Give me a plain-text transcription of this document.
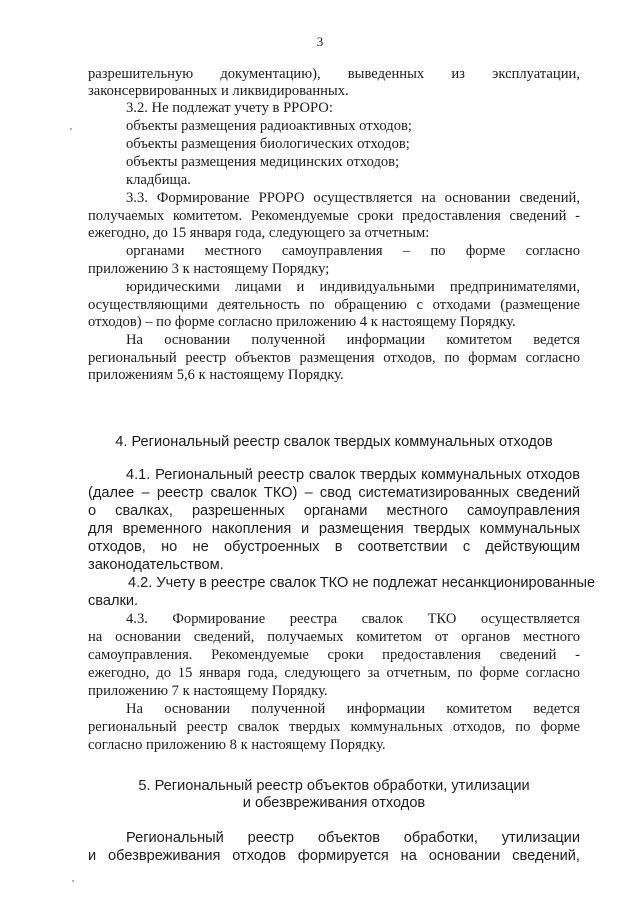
3
разрешительную документацию), выведенных из эксплуатации,
законсервированных и ликвидированных.
3.2. Не подлежат учету в РРОРО:
объекты размещения радиоактивных отходов;
объекты размещения биологических отходов;
объекты размещения медицинских отходов;
кладбища.
3.3. Формирование РРОРО осуществляется на основании сведений,
получаемых комитетом. Рекомендуемые сроки предоставления сведений -
ежегодно, до 15 января года, следующего за отчетным:
органами местного самоуправления – по форме согласно
приложению 3 к настоящему Порядку;
юридическими лицами и индивидуальными предпринимателями,
осуществляющими деятельность по обращению с отходами (размещение
отходов) – по форме согласно приложению 4 к настоящему Порядку.
На основании полученной информации комитетом ведется
региональный реестр объектов размещения отходов, по формам согласно
приложениям 5,6 к настоящему Порядку.
4. Региональный реестр свалок твердых коммунальных отходов
4.1. Региональный реестр свалок твердых коммунальных отходов
(далее – реестр свалок ТКО) – свод систематизированных сведений
о свалках, разрешенных органами местного самоуправления
для временного накопления и размещения твердых коммунальных
отходов, но не обустроенных в соответствии с действующим
законодательством.
4.2. Учету в реестре свалок ТКО не подлежат несанкционированные
свалки.
4.3. Формирование реестра свалок ТКО осуществляется
на основании сведений, получаемых комитетом от органов местного
самоуправления. Рекомендуемые сроки предоставления сведений -
ежегодно, до 15 января года, следующего за отчетным, по форме согласно
приложению 7 к настоящему Порядку.
На основании полученной информации комитетом ведется
региональный реестр свалок твердых коммунальных отходов, по форме
согласно приложению 8 к настоящему Порядку.
5. Региональный реестр объектов обработки, утилизации
и обезвреживания отходов
Региональный реестр объектов обработки, утилизации
и обезвреживания отходов формируется на основании сведений,
